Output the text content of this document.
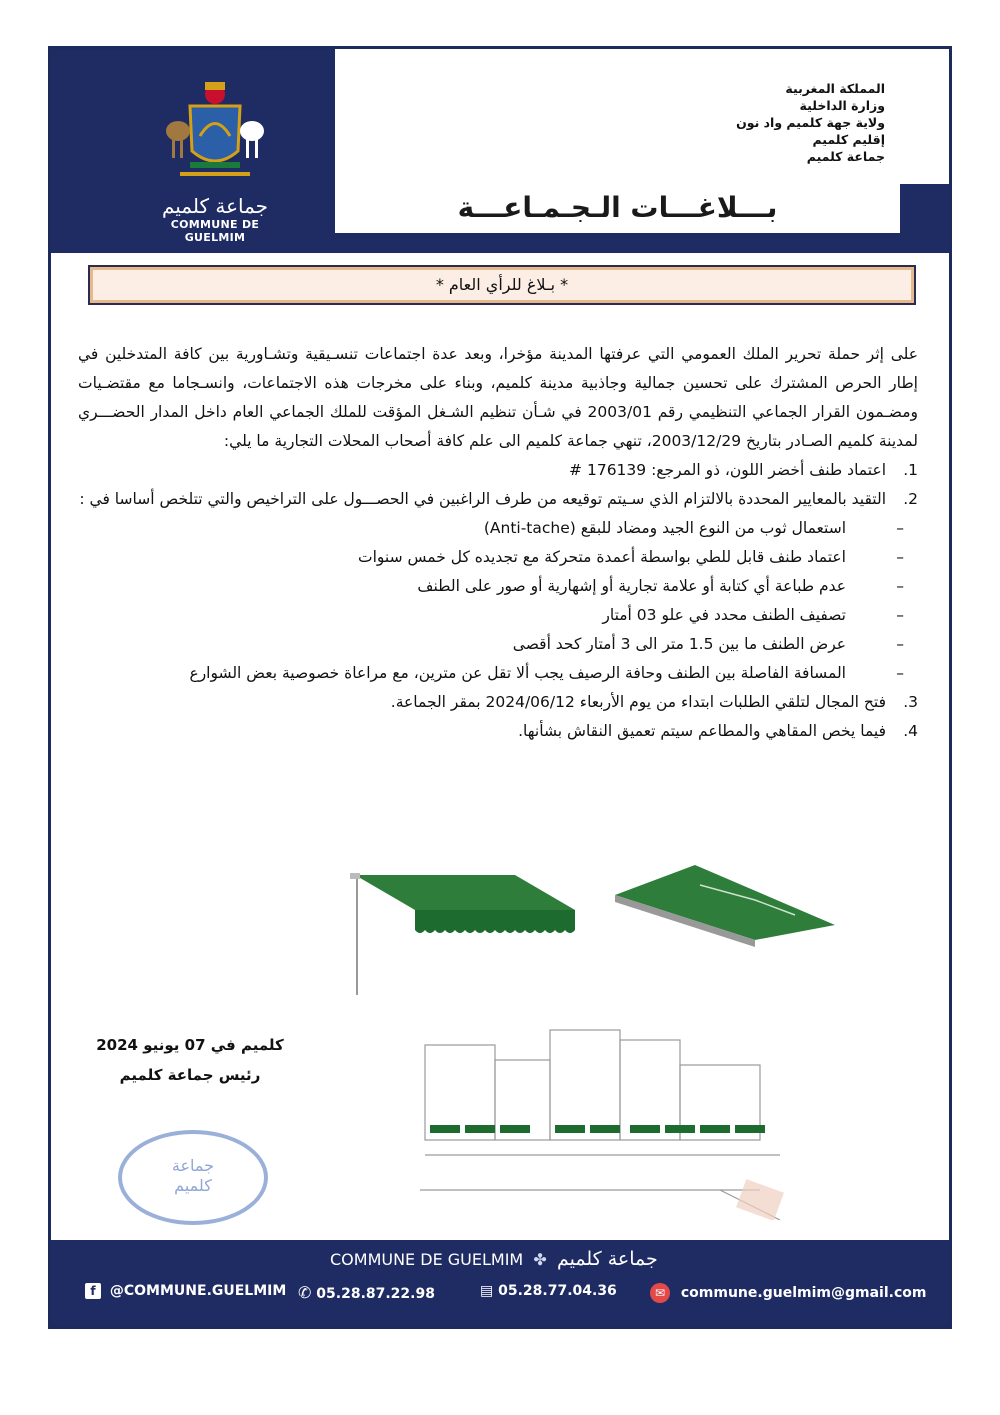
جماعة كلميم
COMMUNE DE GUELMIM
المملكة المغربية
وزارة الداخلية
ولاية جهة كلميم واد نون
إقليم كلميم
جماعة كلميم
بـــلاغـــات الـجـمـاعـــة
* بـلاغ للرأي العام *

على إثر حملة تحرير الملك العمومي التي عرفتها المدينة مؤخرا، وبعد عدة اجتماعات تنسـيقية وتشـاورية بين كافة المتدخلين في إطار الحرص المشترك على تحسين جمالية وجاذبية مدينة كلميم، وبناء على مخرجات هذه الاجتماعات، وانسـجاما مع مقتضـيات ومضـمون القرار الجماعي التنظيمي رقم 2003/01 في شـأن تنظيم الشـغل المؤقت للملك الجماعي العام داخل المدار الحضـــري لمدينة كلميم الصـادر بتاريخ 2003/12/29، تنهي جماعة كلميم الى علم كافة أصحاب المحلات التجارية ما يلي:

1.
اعتماد طنف أخضر اللون، ذو المرجع: 176139 #
2.
التقيد بالمعايير المحددة بالالتزام الذي سـيتم توقيعه من طرف الراغبين في الحصـــول على التراخيص والتي تتلخص أساسا في :
–
استعمال ثوب من النوع الجيد ومضاد للبقع (Anti-tache)
–
اعتماد طنف قابل للطي بواسطة أعمدة متحركة مع تجديده كل خمس سنوات
–
عدم طباعة أي كتابة أو علامة تجارية أو إشهارية أو صور على الطنف
–
تصفيف الطنف محدد في علو 03 أمتار
–
عرض الطنف ما بين 1.5 متر الى 3 أمتار كحد أقصى
–
المسافة الفاصلة بين الطنف وحافة الرصيف يجب ألا تقل عن مترين، مع مراعاة خصوصية بعض الشوارع
3.
فتح المجال لتلقي الطلبات ابتداء من يوم الأربعاء 2024/06/12 بمقر الجماعة.
4.
فيما يخص المقاهي والمطاعم سيتم تعميق النقاش بشأنها.
كلميم في 07 يونيو 2024
رئيس جماعة كلميم
جماعة
كلميم
COMMUNE DE GUELMIM ✤ جماعة كلميم
f @COMMUNE.GUELMIM ✆ 05.28.87.22.98	▤ 05.28.77.04.36	✉ commune.guelmim@gmail.com
